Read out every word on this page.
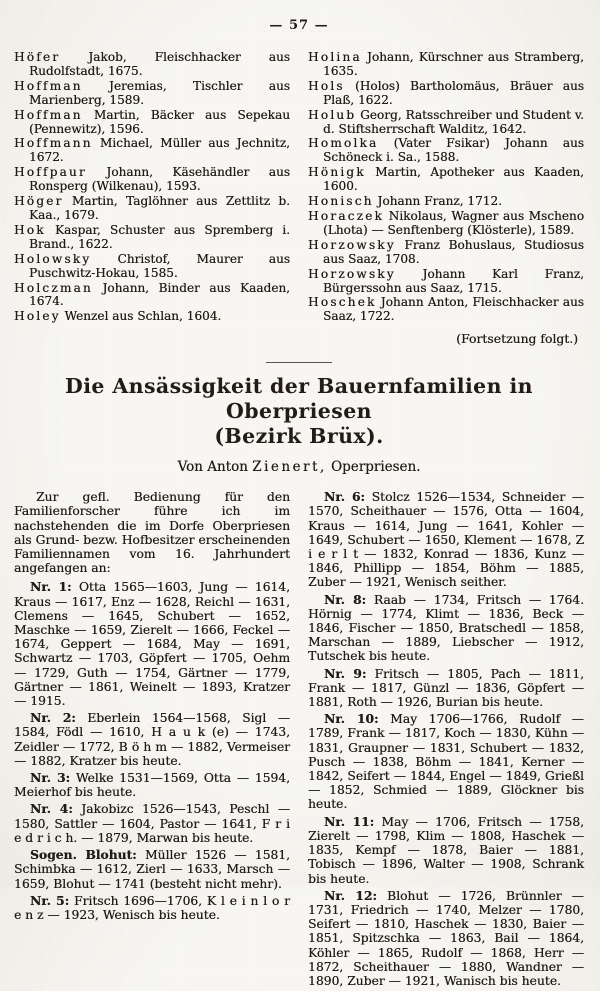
— 57 —
Höfer Jakob, Fleischhacker aus Rudolfstadt, 1675.
Hoffman Jeremias, Tischler aus Marienberg, 1589.
Hoffman Martin, Bäcker aus Sepekau (Pennewitz), 1596.
Hoffmann Michael, Müller aus Jechnitz, 1672.
Hoffpaur Johann, Käsehändler aus Ronsperg (Wilkenau), 1593.
Höger Martin, Taglöhner aus Zettlitz b. Kaa., 1679.
Hok Kaspar, Schuster aus Spremberg i. Brand., 1622.
Holowsky Christof, Maurer aus Puschwitz-Hokau, 1585.
Holczman Johann, Binder aus Kaaden, 1674.
Holey Wenzel aus Schlan, 1604.
Holina Johann, Kürschner aus Stramberg, 1635.
Hols (Holos) Bartholomäus, Bräuer aus Plaß, 1622.
Holub Georg, Ratsschreiber und Student v. d. Stiftsherrschaft Walditz, 1642.
Homolka (Vater Fsikar) Johann aus Schöneck i. Sa., 1588.
Hönigk Martin, Apotheker aus Kaaden, 1600.
Honisch Johann Franz, 1712.
Horaczek Nikolaus, Wagner aus Mscheno (Lhota) — Senftenberg (Klösterle), 1589.
Horzowsky Franz Bohuslaus, Studiosus aus Saaz, 1708.
Horzowsky Johann Karl Franz, Bürgerssohn aus Saaz, 1715.
Hoschek Johann Anton, Fleischhacker aus Saaz, 1722.
(Fortsetzung folgt.)
Die Ansässigkeit der Bauernfamilien in Oberpriesen
(Bezirk Brüx).
Von Anton Zienert, Operpriesen.

Zur gefl. Bedienung für den Familienforscher führe ich im nachstehenden die im Dorfe Oberpriesen als Grund- bezw. Hofbesitzer erscheinenden Familiennamen vom 16. Jahrhundert angefangen an:

Nr. 1: Otta 1565—1603, Jung — 1614, Kraus — 1617, Enz — 1628, Reichl — 1631, Clemens — 1645, Schubert — 1652, Maschke — 1659, Zierelt — 1666, Feckel — 1674, Geppert — 1684, May — 1691, Schwartz — 1703, Göpfert — 1705, Oehm — 1729, Guth — 1754, Gärtner — 1779, Gärtner — 1861, Weinelt — 1893, Kratzer — 1915.

Nr. 2: Eberlein 1564—1568, Sigl — 1584, Födl — 1610, H a u k (e) — 1743, Zeidler — 1772, B ö h m — 1882, Vermeiser — 1882, Kratzer bis heute.

Nr. 3: Welke 1531—1569, Otta — 1594, Meierhof bis heute.

Nr. 4: Jakobizc 1526—1543, Peschl — 1580, Sattler — 1604, Pastor — 1641, F r i e d r i c h. — 1879, Marwan bis heute.

Sogen. Blohut: Müller 1526 — 1581, Schimbka — 1612, Zierl — 1633, Marsch — 1659, Blohut — 1741 (besteht nicht mehr).

Nr. 5: Fritsch 1696—1706, K l e i n l o r e n z — 1923, Wenisch bis heute.

Nr. 6: Stolcz 1526—1534, Schneider — 1570, Scheithauer — 1576, Otta — 1604, Kraus — 1614, Jung — 1641, Kohler — 1649, Schubert — 1650, Klement — 1678, Z i e r l t — 1832, Konrad — 1836, Kunz — 1846, Phillipp — 1854, Böhm — 1885, Zuber — 1921, Wenisch seither.

Nr. 8: Raab — 1734, Fritsch — 1764. Hörnig — 1774, Klimt — 1836, Beck — 1846, Fischer — 1850, Bratschedl — 1858, Marschan — 1889, Liebscher — 1912, Tutschek bis heute.

Nr. 9: Fritsch — 1805, Pach — 1811, Frank — 1817, Günzl — 1836, Göpfert — 1881, Roth — 1926, Burian bis heute.

Nr. 10: May 1706—1766, Rudolf — 1789, Frank — 1817, Koch — 1830, Kühn — 1831, Graupner — 1831, Schubert — 1832, Pusch — 1838, Böhm — 1841, Kerner — 1842, Seifert — 1844, Engel — 1849, Grießl — 1852, Schmied — 1889, Glöckner bis heute.

Nr. 11: May — 1706, Fritsch — 1758, Zierelt — 1798, Klim — 1808, Haschek — 1835, Kempf — 1878, Baier — 1881, Tobisch — 1896, Walter — 1908, Schrank bis heute.

Nr. 12: Blohut — 1726, Brünnler — 1731, Friedrich — 1740, Melzer — 1780, Seifert — 1810, Haschek — 1830, Baier — 1851, Spitzschka — 1863, Bail — 1864, Köhler — 1865, Rudolf — 1868, Herr — 1872, Scheithauer — 1880, Wandner — 1890, Zuber — 1921, Wanisch bis heute.
